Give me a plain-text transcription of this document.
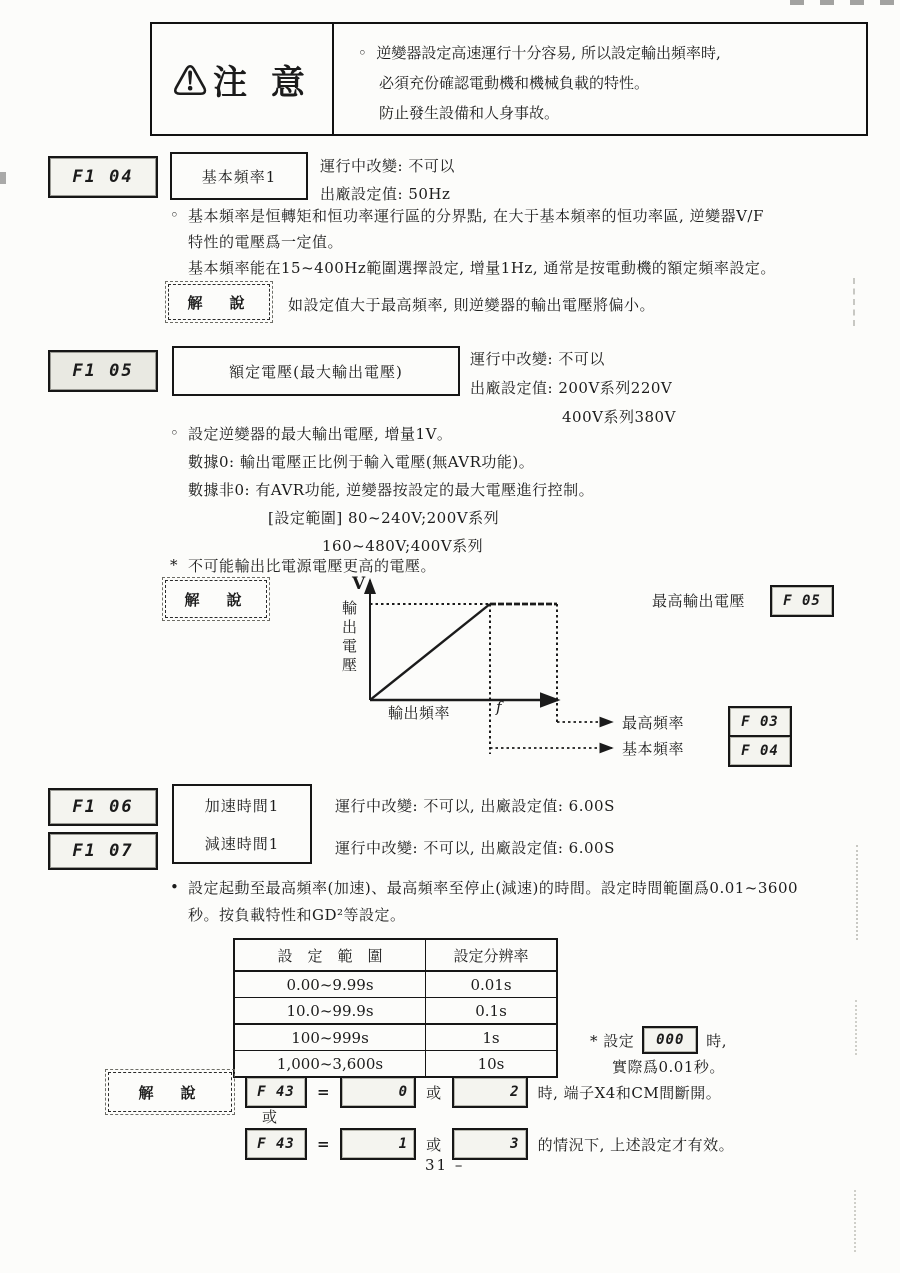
⚠注 意
◦ 逆變器設定高速運行十分容易, 所以設定輸出頻率時,
必須充份確認電動機和機械負載的特性。
防止發生設備和人身事故。
F1 04	基本頻率1
運行中改變: 不可以
出廠設定值: 50Hz
◦ 基本頻率是恒轉矩和恒功率運行區的分界點, 在大于基本頻率的恒功率區, 逆變器V/F
特性的電壓爲一定值。
基本頻率能在15~400Hz範圍選擇設定, 增量1Hz, 通常是按電動機的額定頻率設定。
解　說	如設定值大于最高頻率, 則逆變器的輸出電壓將偏小。
F1 05	額定電壓(最大輸出電壓)
運行中改變: 不可以
出廠設定值: 200V系列220V
400V系列380V
◦ 設定逆變器的最大輸出電壓, 增量1V。
數據0: 輸出電壓正比例于輸入電壓(無AVR功能)。
數據非0: 有AVR功能, 逆變器按設定的最大電壓進行控制。
[設定範圍] 80~240V;200V系列
160~480V;400V系列
* 不可能輸出比電源電壓更高的電壓。
解　說
V
輸出電壓
輸出頻率	f
最高輸出電壓	F 05
最高頻率	F 03
基本頻率	F 04
F1 06
F1 07
加速時間1
減速時間1
運行中改變: 不可以, 出廠設定值: 6.00S
運行中改變: 不可以, 出廠設定值: 6.00S
• 設定起動至最高頻率(加速)、最高頻率至停止(減速)的時間。設定時間範圍爲0.01~3600
秒。按負載特性和GD²等設定。
設　定　範　圍	設定分辨率
0.00~9.99s	0.01s
10.0~99.9s	0.1s
100~999s	1s
1,000~3,600s	10s
* 設定	000	時,
實際爲0.01秒。
解　說	F 43	=	0	或	2	時, 端子X4和CM間斷開。
或
F 43	=	1	或	3	的情況下, 上述設定才有效。
31 –
